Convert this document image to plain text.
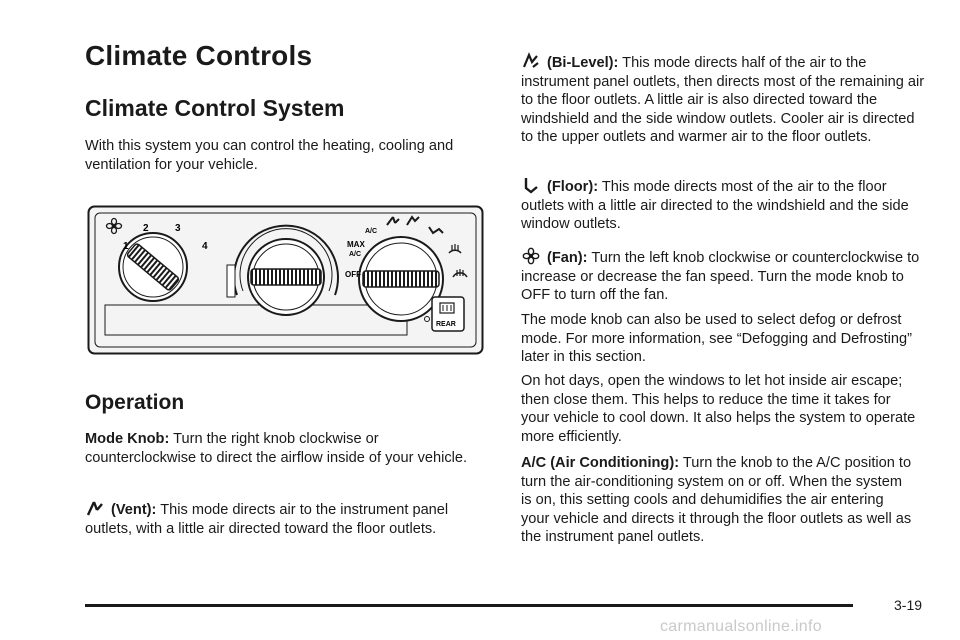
Climate Controls
Climate Control System

With this system you can control the heating, cooling and ventilation for your vehicle.

1
2	3
4
A/C
MAX
A/C
OFF
REAR
Operation

Mode Knob: Turn the right knob clockwise or counterclockwise to direct the airflow inside of your vehicle.

(Vent): This mode directs air to the instrument panel outlets, with a little air directed toward the floor outlets.

(Bi-Level): This mode directs half of the air to the instrument panel outlets, then directs most of the remaining air to the floor outlets. A little air is also directed toward the windshield and the side window outlets. Cooler air is directed to the upper outlets and warmer air to the floor outlets.

(Floor): This mode directs most of the air to the floor outlets with a little air directed to the windshield and the side window outlets.

(Fan): Turn the left knob clockwise or counterclockwise to increase or decrease the fan speed. Turn the mode knob to OFF to turn off the fan.

The mode knob can also be used to select defog or defrost mode. For more information, see “Defogging and Defrosting” later in this section.

On hot days, open the windows to let hot inside air escape; then close them. This helps to reduce the time it takes for your vehicle to cool down. It also helps the system to operate more efficiently.

A/C (Air Conditioning): Turn the knob to the A/C position to turn the air-conditioning system on or off. When the system is on, this setting cools and dehumidifies the air entering your vehicle and directs it through the floor outlets as well as the instrument panel outlets.

3-19
carmanualsonline.info
